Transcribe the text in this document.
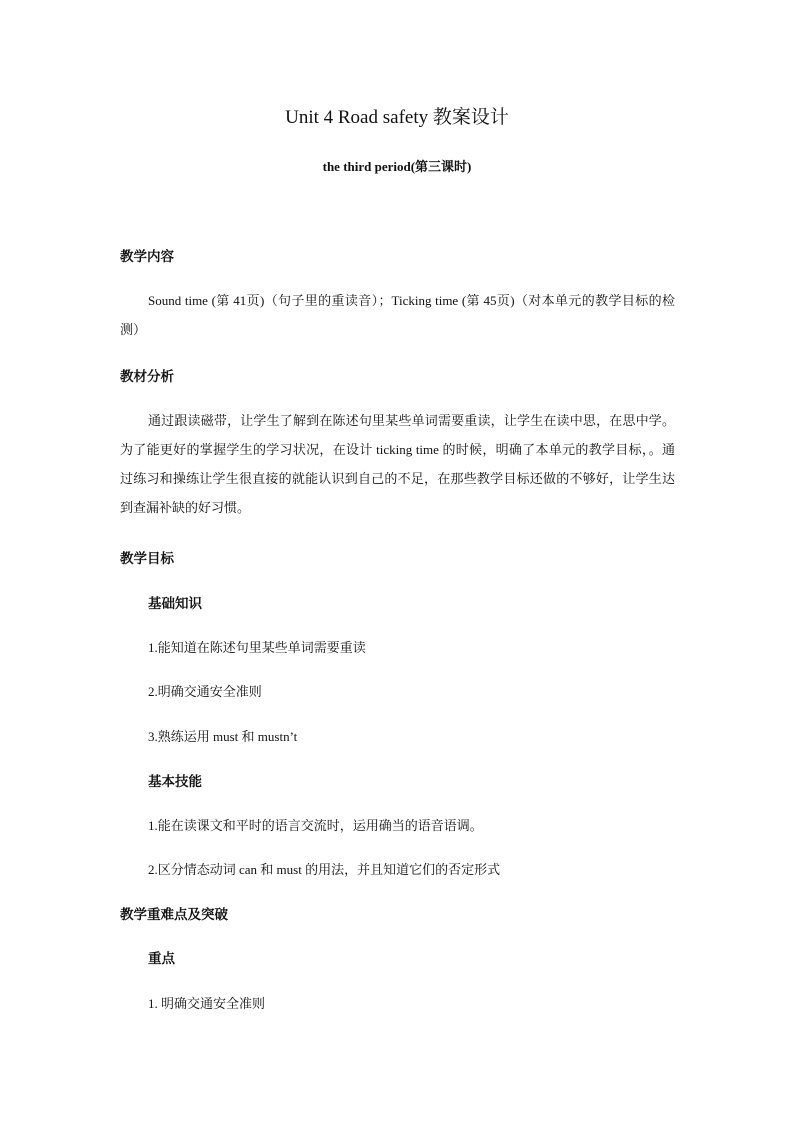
Unit 4 Road safety 教案设计
the third period(第三课时)
教学内容
Sound time (第 41页)（句子里的重读音）；Ticking time (第 45页)（对本单元的教学目标的检测）
教材分析
通过跟读磁带，让学生了解到在陈述句里某些单词需要重读，让学生在读中思，在思中学。为了能更好的掌握学生的学习状况，在设计 ticking time 的时候，明确了本单元的教学目标，。通过练习和操练让学生很直接的就能认识到自己的不足，在那些教学目标还做的不够好，让学生达到查漏补缺的好习惯。
教学目标
基础知识
1.能知道在陈述句里某些单词需要重读
2.明确交通安全准则
3.熟练运用 must 和 mustn’t
基本技能
1.能在读课文和平时的语言交流时，运用确当的语音语调。
2.区分情态动词 can 和 must 的用法，并且知道它们的否定形式
教学重难点及突破
重点
1. 明确交通安全准则
